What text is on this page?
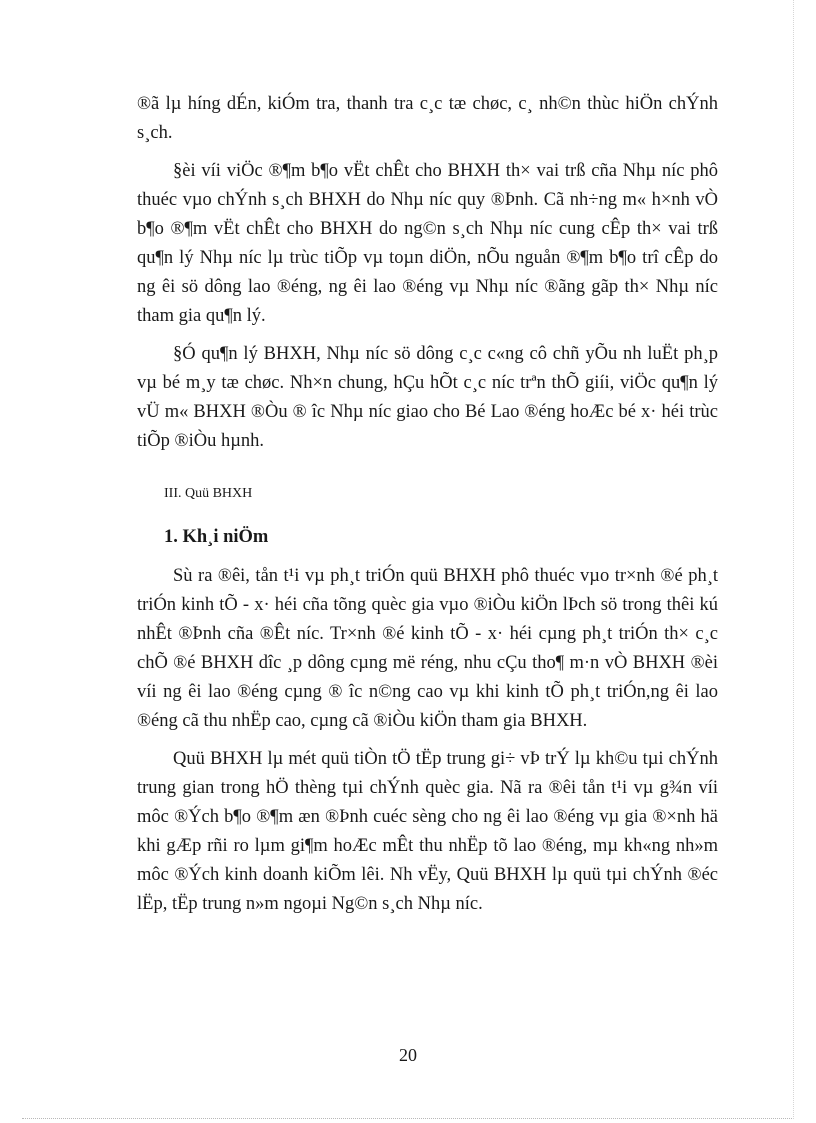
®ã lµ híng dÉn, kiÓm tra, thanh tra c¸c tæ chøc, c¸ nh©n thùc hiÖn chÝnh s¸ch.

§èi víi viÖc ®¶m b¶o vËt chÊt cho BHXH th× vai trß cña Nhµ níc phô thuéc vµo chÝnh s¸ch BHXH do Nhµ níc quy ®Þnh. Cã nh÷ng m« h×nh vÒ b¶o ®¶m vËt chÊt cho BHXH do ng©n s¸ch Nhµ níc cung cÊp th× vai trß qu¶n lý Nhµ níc lµ trùc tiÕp vµ toµn diÖn, nÕu nguån ®¶m b¶o trî cÊp do ng êi sö dông lao ®éng, ng êi lao ®éng vµ Nhµ níc ®ãng gãp th× Nhµ níc tham gia qu¶n lý.

§Ó qu¶n lý BHXH, Nhµ níc sö dông c¸c c«ng cô chñ yÕu nh luËt ph¸p vµ bé m¸y tæ chøc. Nh×n chung, hÇu hÕt c¸c níc trªn thÕ giíi, viÖc qu¶n lý vÜ m« BHXH ®Òu ® îc Nhµ níc giao cho Bé Lao ®éng hoÆc bé x· héi trùc tiÕp ®iÒu hµnh.

III. Quü BHXH
1. Kh¸i niÖm

Sù ra ®êi, tån t¹i vµ ph¸t triÓn quü BHXH phô thuéc vµo tr×nh ®é ph¸t triÓn kinh tÕ - x· héi cña tõng quèc gia vµo ®iÒu kiÖn lÞch sö trong thêi kú nhÊt ®Þnh cña ®Êt níc. Tr×nh ®é kinh tÕ - x· héi cµng ph¸t triÓn th× c¸c chÕ ®é BHXH dîc ¸p dông cµng më réng, nhu cÇu tho¶ m·n vÒ BHXH ®èi víi ng êi lao ®éng cµng ® îc n©ng cao vµ khi kinh tÕ ph¸t triÓn,ng êi lao ®éng cã thu nhËp cao, cµng cã ®iÒu kiÖn tham gia BHXH.

Quü BHXH lµ mét quü tiÒn tÖ tËp trung gi÷ vÞ trÝ lµ kh©u tµi chÝnh trung gian trong hÖ thèng tµi chÝnh quèc gia. Nã ra ®êi tån t¹i vµ g¾n víi môc ®Ých b¶o ®¶m æn ®Þnh cuéc sèng cho ng êi lao ®éng vµ gia ®×nh hä khi gÆp rñi ro lµm gi¶m hoÆc mÊt thu nhËp tõ lao ®éng, mµ kh«ng nh»m môc ®Ých kinh doanh kiÕm lêi. Nh vËy, Quü BHXH lµ quü tµi chÝnh ®éc lËp, tËp trung n»m ngoµi Ng©n s¸ch Nhµ níc.

20
